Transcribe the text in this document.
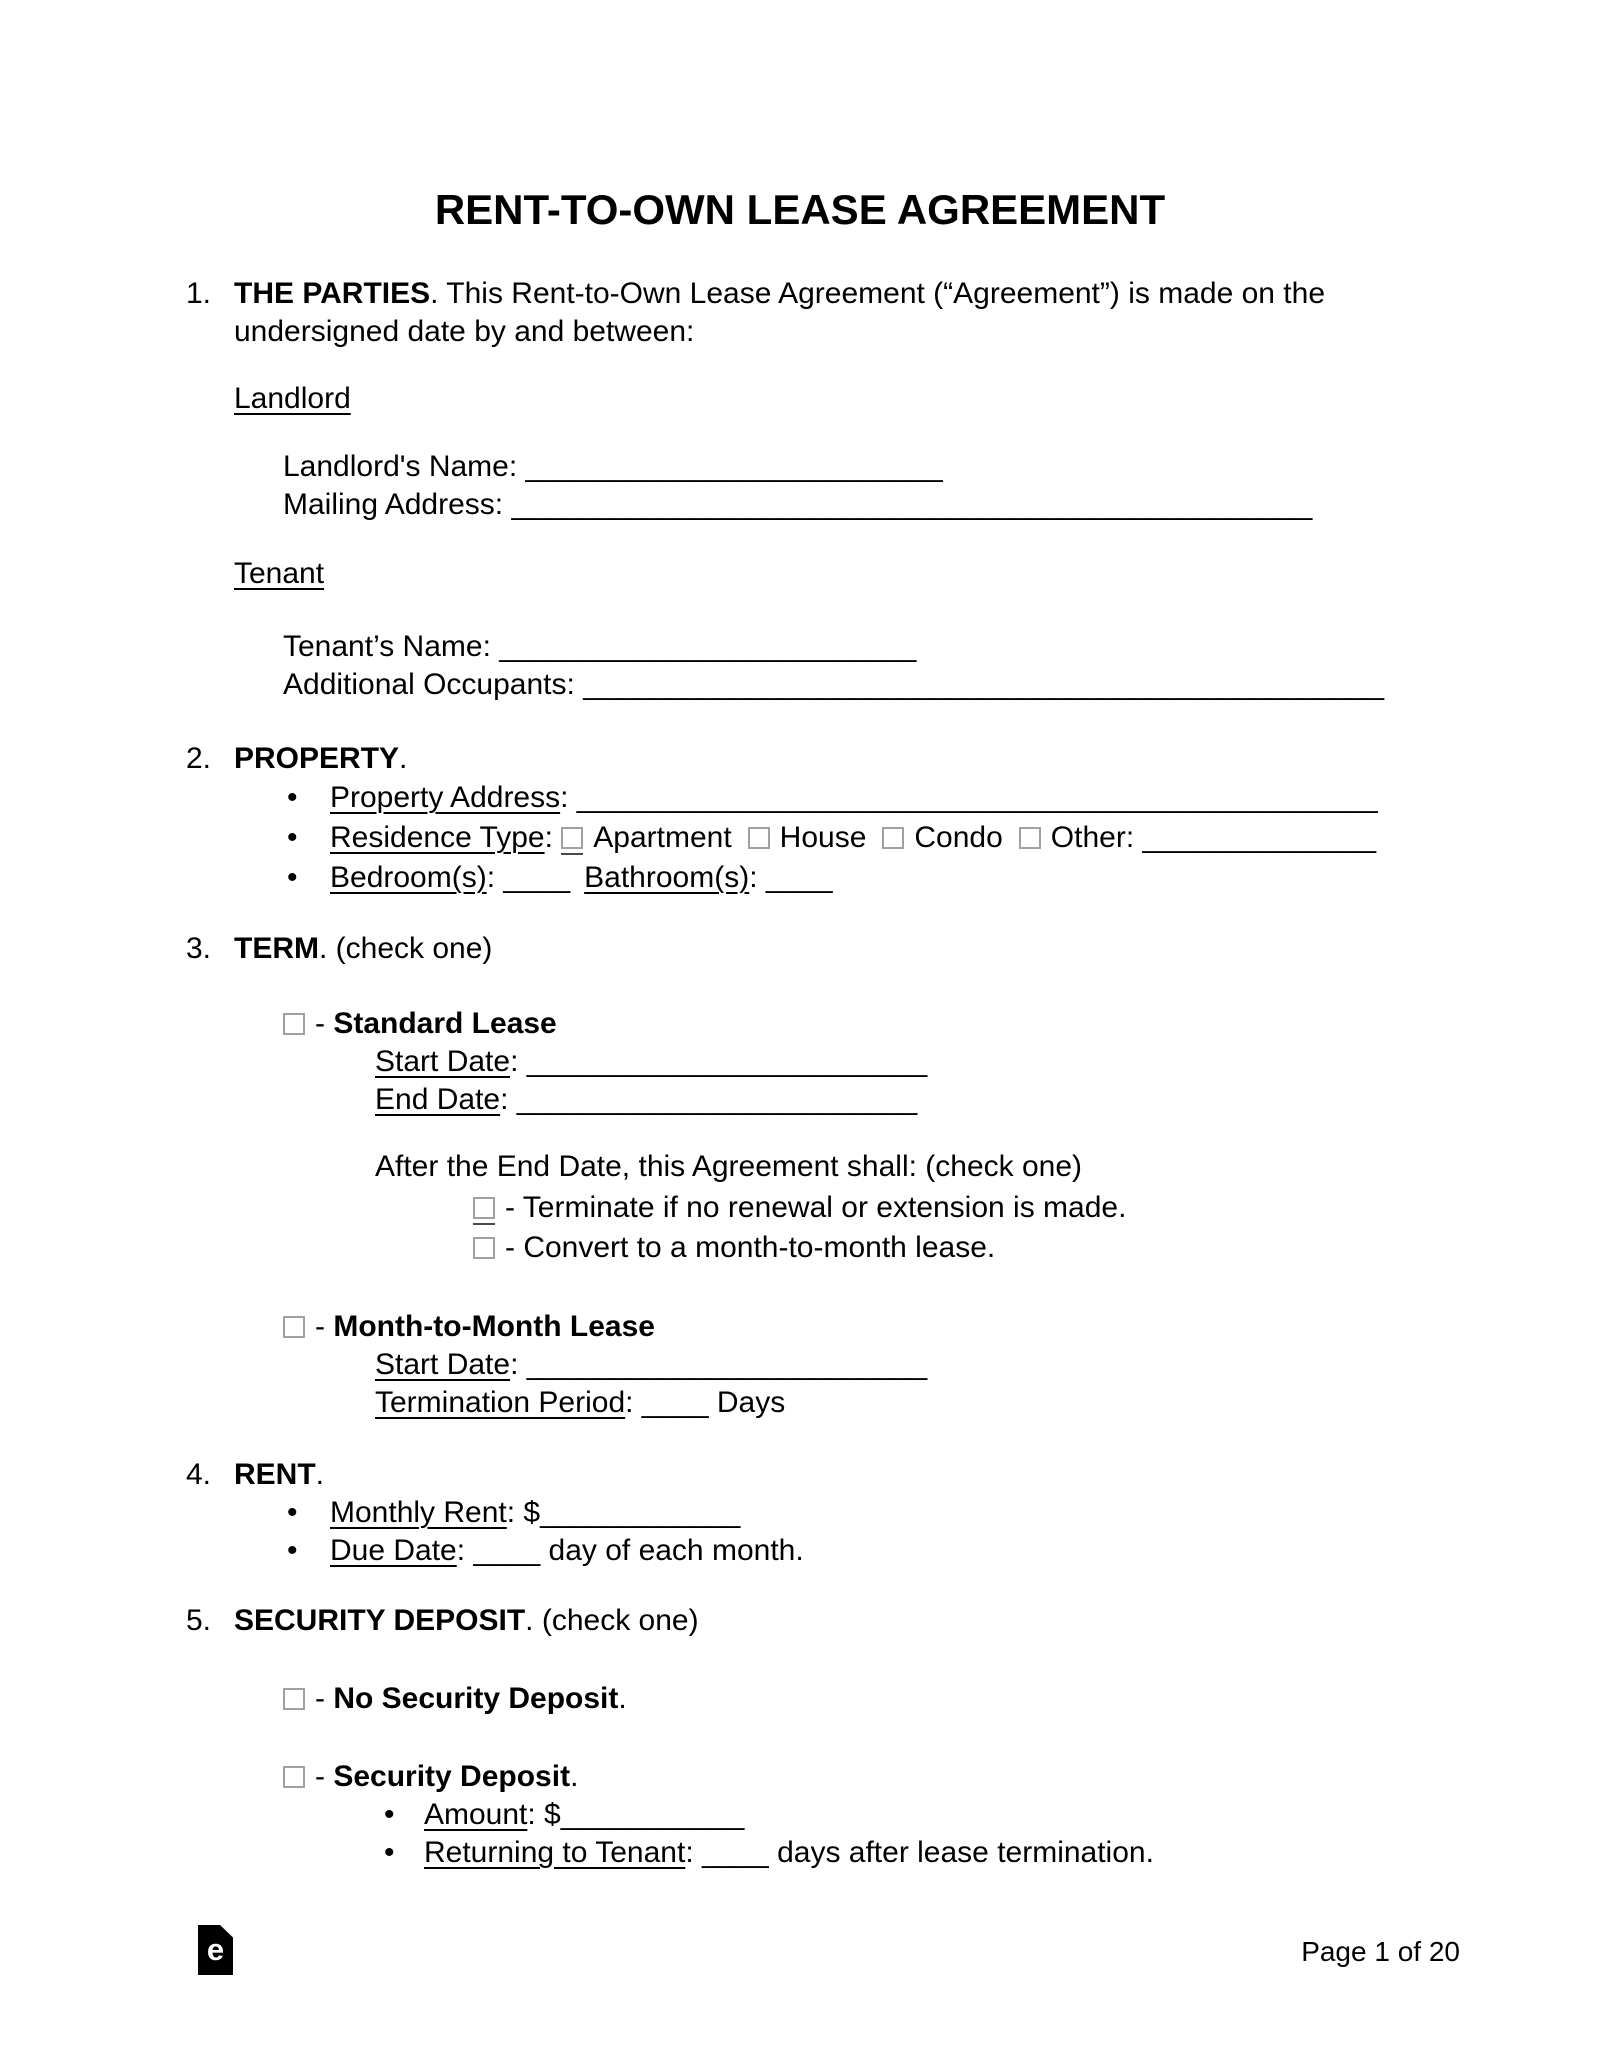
RENT-TO-OWN LEASE AGREEMENT
1. THE PARTIES. This Rent-to-Own Lease Agreement (“Agreement”) is made on the undersigned date by and between:
Landlord
Landlord's Name: _________________________
Mailing Address: ________________________________________________
Tenant
Tenant’s Name: _________________________
Additional Occupants: ________________________________________________
2. PROPERTY.
• Property Address: ________________________________________________
• Residence Type: Apartment House Condo Other: ______________
• Bedroom(s): ____ Bathroom(s): ____
3. TERM. (check one)
- Standard Lease
Start Date: ________________________
End Date: ________________________
After the End Date, this Agreement shall: (check one)
- Terminate if no renewal or extension is made.
- Convert to a month-to-month lease.
- Month-to-Month Lease
Start Date: ________________________
Termination Period: ____ Days
4. RENT.
• Monthly Rent: $____________
• Due Date: ____ day of each month.
5. SECURITY DEPOSIT. (check one)
- No Security Deposit.
- Security Deposit.
• Amount: $___________
• Returning to Tenant: ____ days after lease termination.
e	Page 1 of 20
